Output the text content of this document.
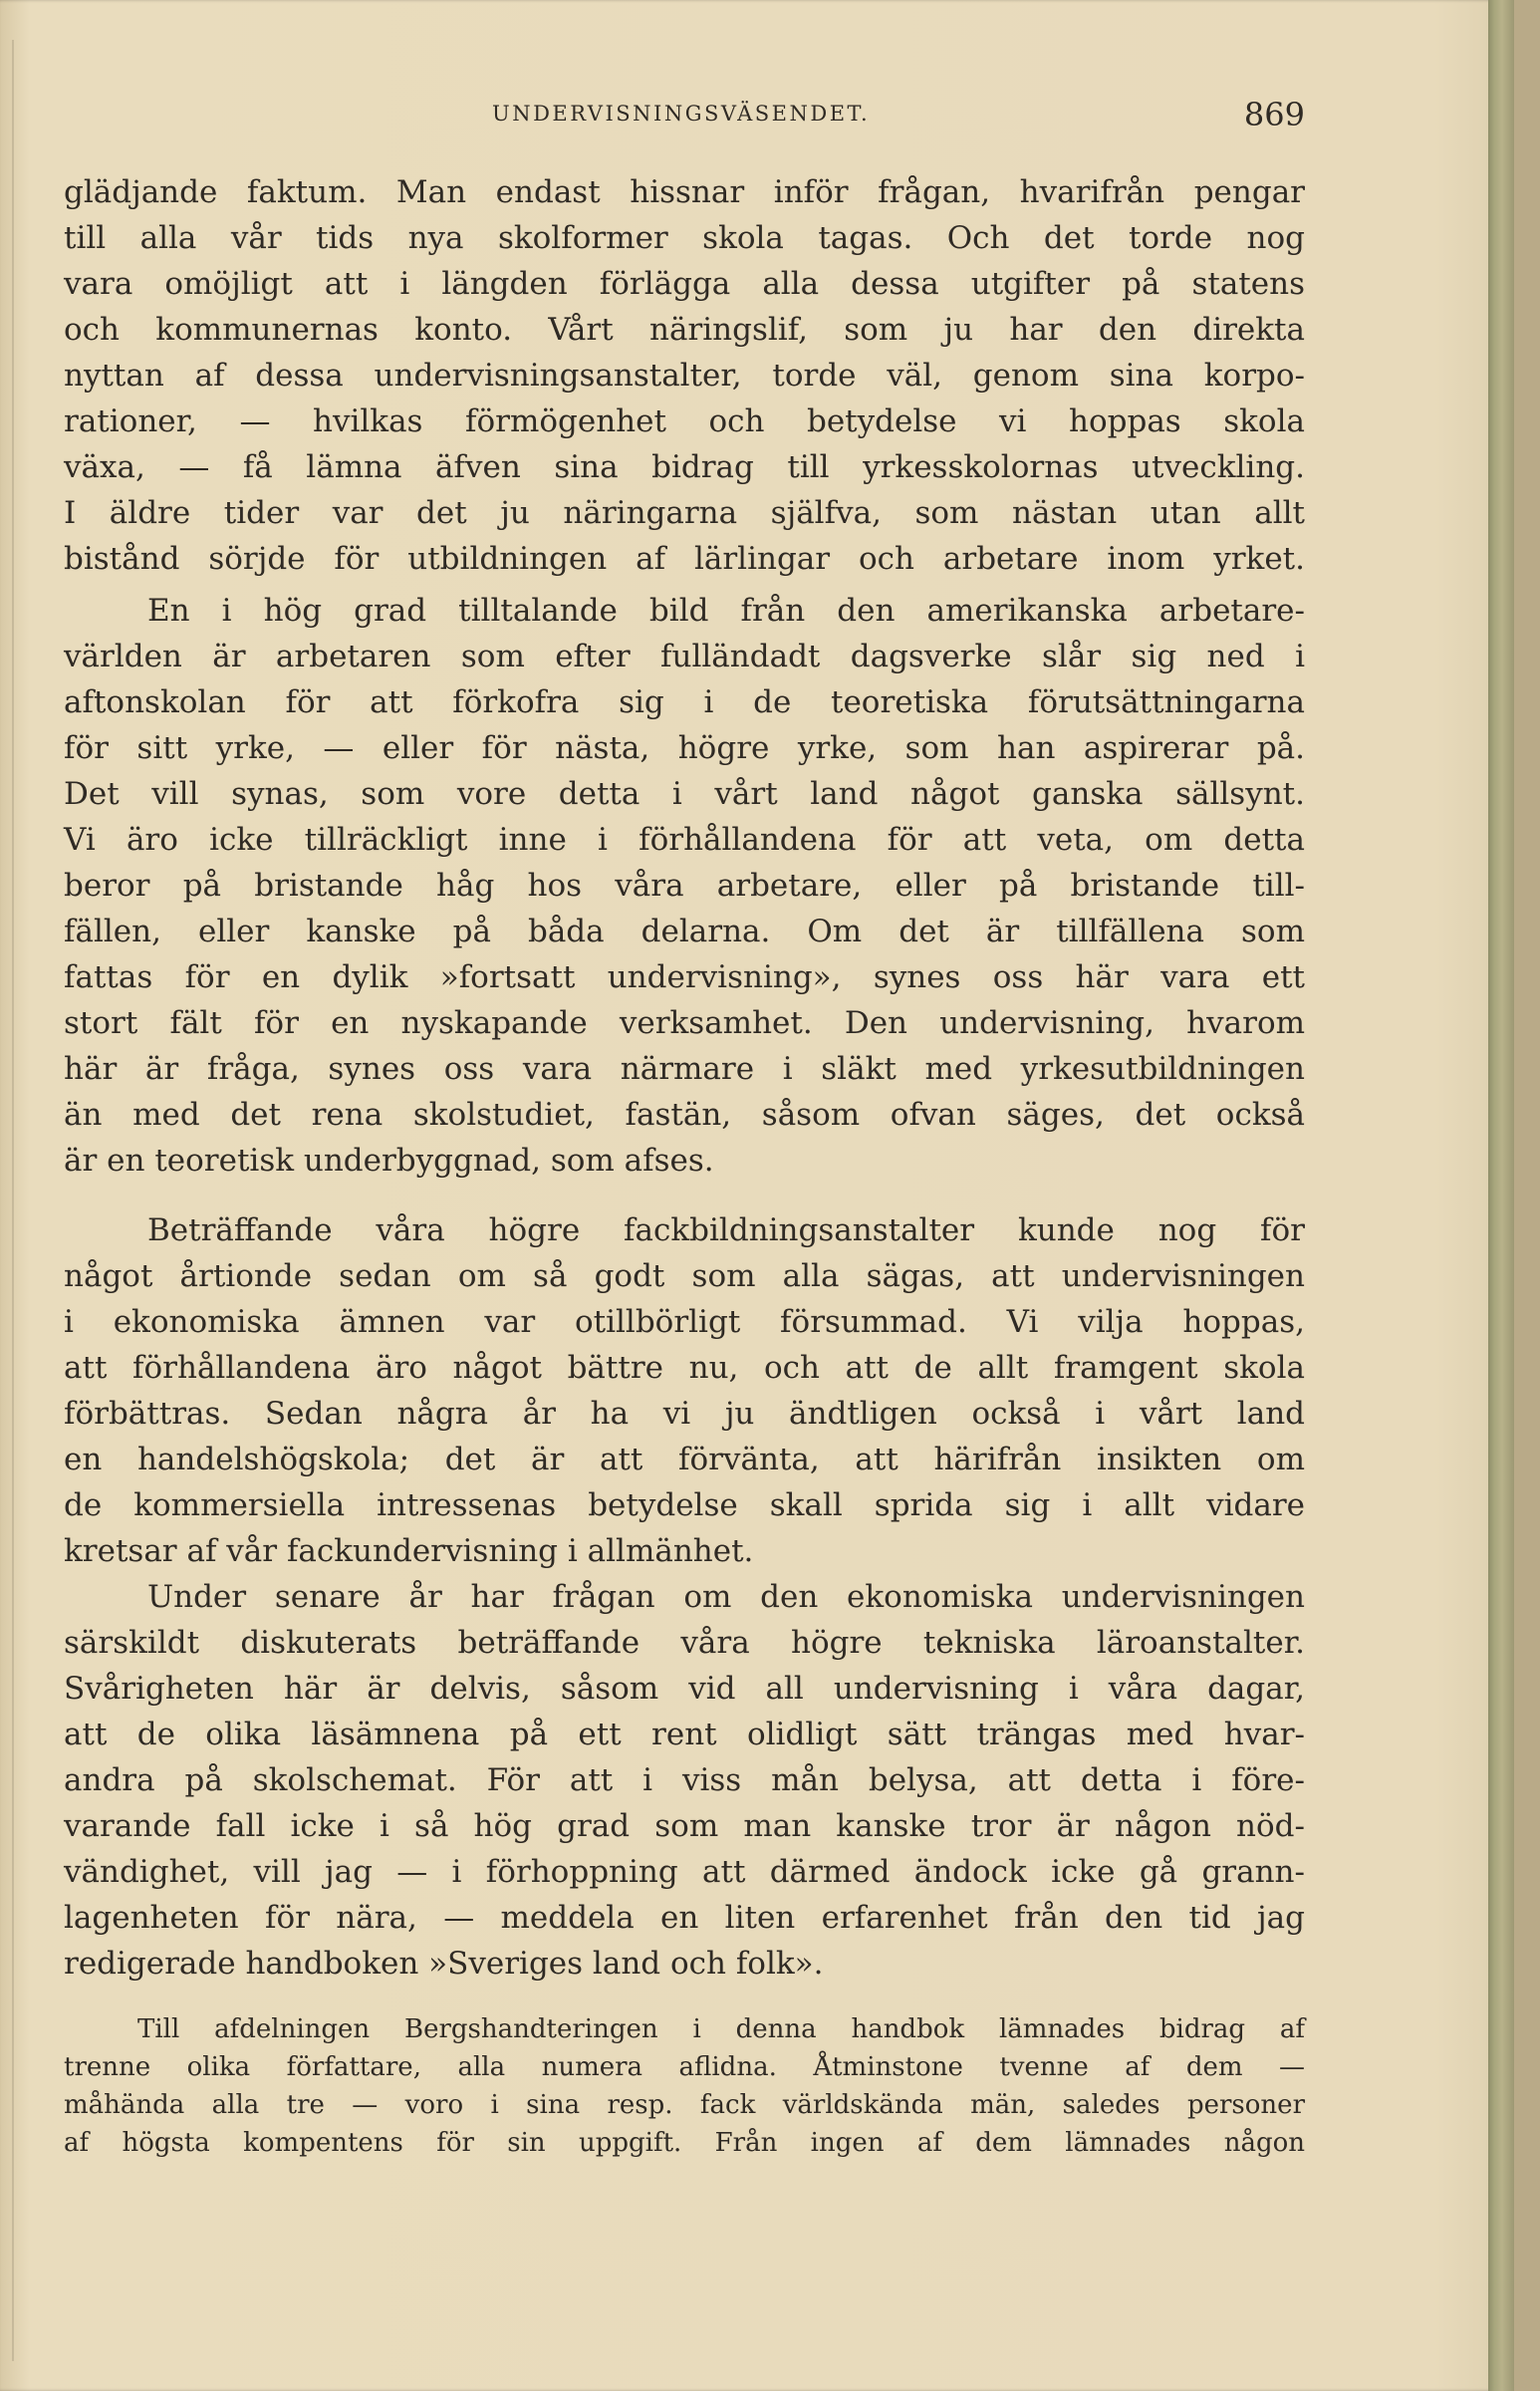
UNDERVISNINGSVÄSENDET.	869
glädjande faktum. Man endast hissnar inför frågan, hvarifrån pengar
till alla vår tids nya skolformer skola tagas. Och det torde nog
vara omöjligt att i längden förlägga alla dessa utgifter på statens
och kommunernas konto. Vårt näringslif, som ju har den direkta
nyttan af dessa undervisningsanstalter, torde väl, genom sina korpo-
rationer, — hvilkas förmögenhet och betydelse vi hoppas skola
växa, — få lämna äfven sina bidrag till yrkesskolornas utveckling.
I äldre tider var det ju näringarna själfva, som nästan utan allt
bistånd sörjde för utbildningen af lärlingar och arbetare inom yrket.
En i hög grad tilltalande bild från den amerikanska arbetare-
världen är arbetaren som efter fulländadt dagsverke slår sig ned i
aftonskolan för att förkofra sig i de teoretiska förutsättningarna
för sitt yrke, — eller för nästa, högre yrke, som han aspirerar på.
Det vill synas, som vore detta i vårt land något ganska sällsynt.
Vi äro icke tillräckligt inne i förhållandena för att veta, om detta
beror på bristande håg hos våra arbetare, eller på bristande till-
fällen, eller kanske på båda delarna. Om det är tillfällena som
fattas för en dylik »fortsatt undervisning», synes oss här vara ett
stort fält för en nyskapande verksamhet. Den undervisning, hvarom
här är fråga, synes oss vara närmare i släkt med yrkesutbildningen
än med det rena skolstudiet, fastän, såsom ofvan säges, det också
är en teoretisk underbyggnad, som afses.
Beträffande våra högre fackbildningsanstalter kunde nog för
något årtionde sedan om så godt som alla sägas, att undervisningen
i ekonomiska ämnen var otillbörligt försummad. Vi vilja hoppas,
att förhållandena äro något bättre nu, och att de allt framgent skola
förbättras. Sedan några år ha vi ju ändtligen också i vårt land
en handelshögskola; det är att förvänta, att härifrån insikten om
de kommersiella intressenas betydelse skall sprida sig i allt vidare
kretsar af vår fackundervisning i allmänhet.
Under senare år har frågan om den ekonomiska undervisningen
särskildt diskuterats beträffande våra högre tekniska läroanstalter.
Svårigheten här är delvis, såsom vid all undervisning i våra dagar,
att de olika läsämnena på ett rent olidligt sätt trängas med hvar-
andra på skolschemat. För att i viss mån belysa, att detta i före-
varande fall icke i så hög grad som man kanske tror är någon nöd-
vändighet, vill jag — i förhoppning att därmed ändock icke gå grann-
lagenheten för nära, — meddela en liten erfarenhet från den tid jag
redigerade handboken »Sveriges land och folk».
Till afdelningen Bergshandteringen i denna handbok lämnades bidrag af
trenne olika författare, alla numera aflidna. Åtminstone tvenne af dem —
måhända alla tre — voro i sina resp. fack världskända män, saledes personer
af högsta kompentens för sin uppgift. Från ingen af dem lämnades någon
